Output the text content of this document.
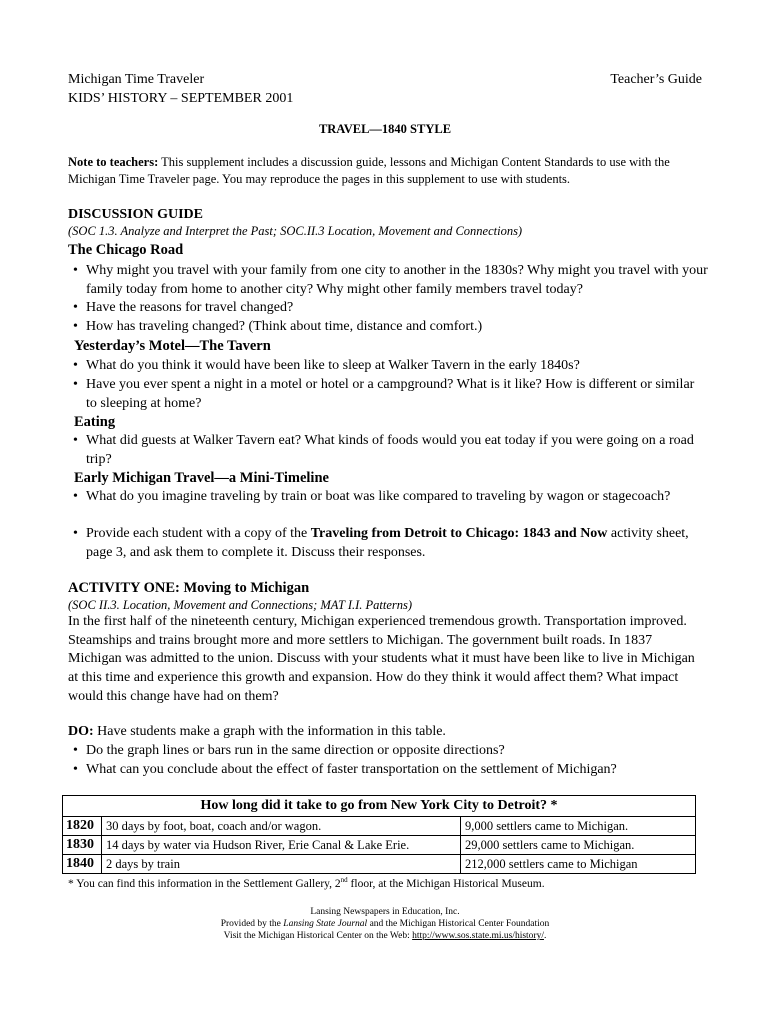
Michigan Time Traveler
KIDS’ HISTORY – SEPTEMBER 2001
Teacher’s Guide
TRAVEL—1840 STYLE
Note to teachers: This supplement includes a discussion guide, lessons and Michigan Content Standards to use with the Michigan Time Traveler page. You may reproduce the pages in this supplement to use with students.
DISCUSSION GUIDE
(SOC 1.3. Analyze and Interpret the Past; SOC.II.3 Location, Movement and Connections)
The Chicago Road
• Why might you travel with your family from one city to another in the 1830s? Why might you travel with your family today from home to another city? Why might other family members travel today?
• Have the reasons for travel changed?
• How has traveling changed? (Think about time, distance and comfort.)
Yesterday’s Motel—The Tavern
• What do you think it would have been like to sleep at Walker Tavern in the early 1840s?
• Have you ever spent a night in a motel or hotel or a campground? What is it like? How is different or similar to sleeping at home?
Eating
• What did guests at Walker Tavern eat? What kinds of foods would you eat today if you were going on a road trip?
Early Michigan Travel—a Mini-Timeline
• What do you imagine traveling by train or boat was like compared to traveling by wagon or stagecoach?
• Provide each student with a copy of the Traveling from Detroit to Chicago: 1843 and Now activity sheet, page 3, and ask them to complete it. Discuss their responses.
ACTIVITY ONE: Moving to Michigan
(SOC II.3. Location, Movement and Connections; MAT I.I. Patterns)
In the first half of the nineteenth century, Michigan experienced tremendous growth. Transportation improved. Steamships and trains brought more and more settlers to Michigan. The government built roads. In 1837 Michigan was admitted to the union. Discuss with your students what it must have been like to live in Michigan at this time and experience this growth and expansion. How do they think it would affect them? What impact would this change have had on them?
DO: Have students make a graph with the information in this table.
• Do the graph lines or bars run in the same direction or opposite directions?
• What can you conclude about the effect of faster transportation on the settlement of Michigan?
How long did it take to go from New York City to Detroit? *		
1820	30 days by foot, boat, coach and/or wagon.	9,000 settlers came to Michigan.
1830	14 days by water via Hudson River, Erie Canal & Lake Erie.	29,000 settlers came to Michigan.
1840	2 days by train	212,000 settlers came to Michigan
* You can find this information in the Settlement Gallery, 2nd floor, at the Michigan Historical Museum.
Lansing Newspapers in Education, Inc.
Provided by the Lansing State Journal and the Michigan Historical Center Foundation
Visit the Michigan Historical Center on the Web: http://www.sos.state.mi.us/history/.
